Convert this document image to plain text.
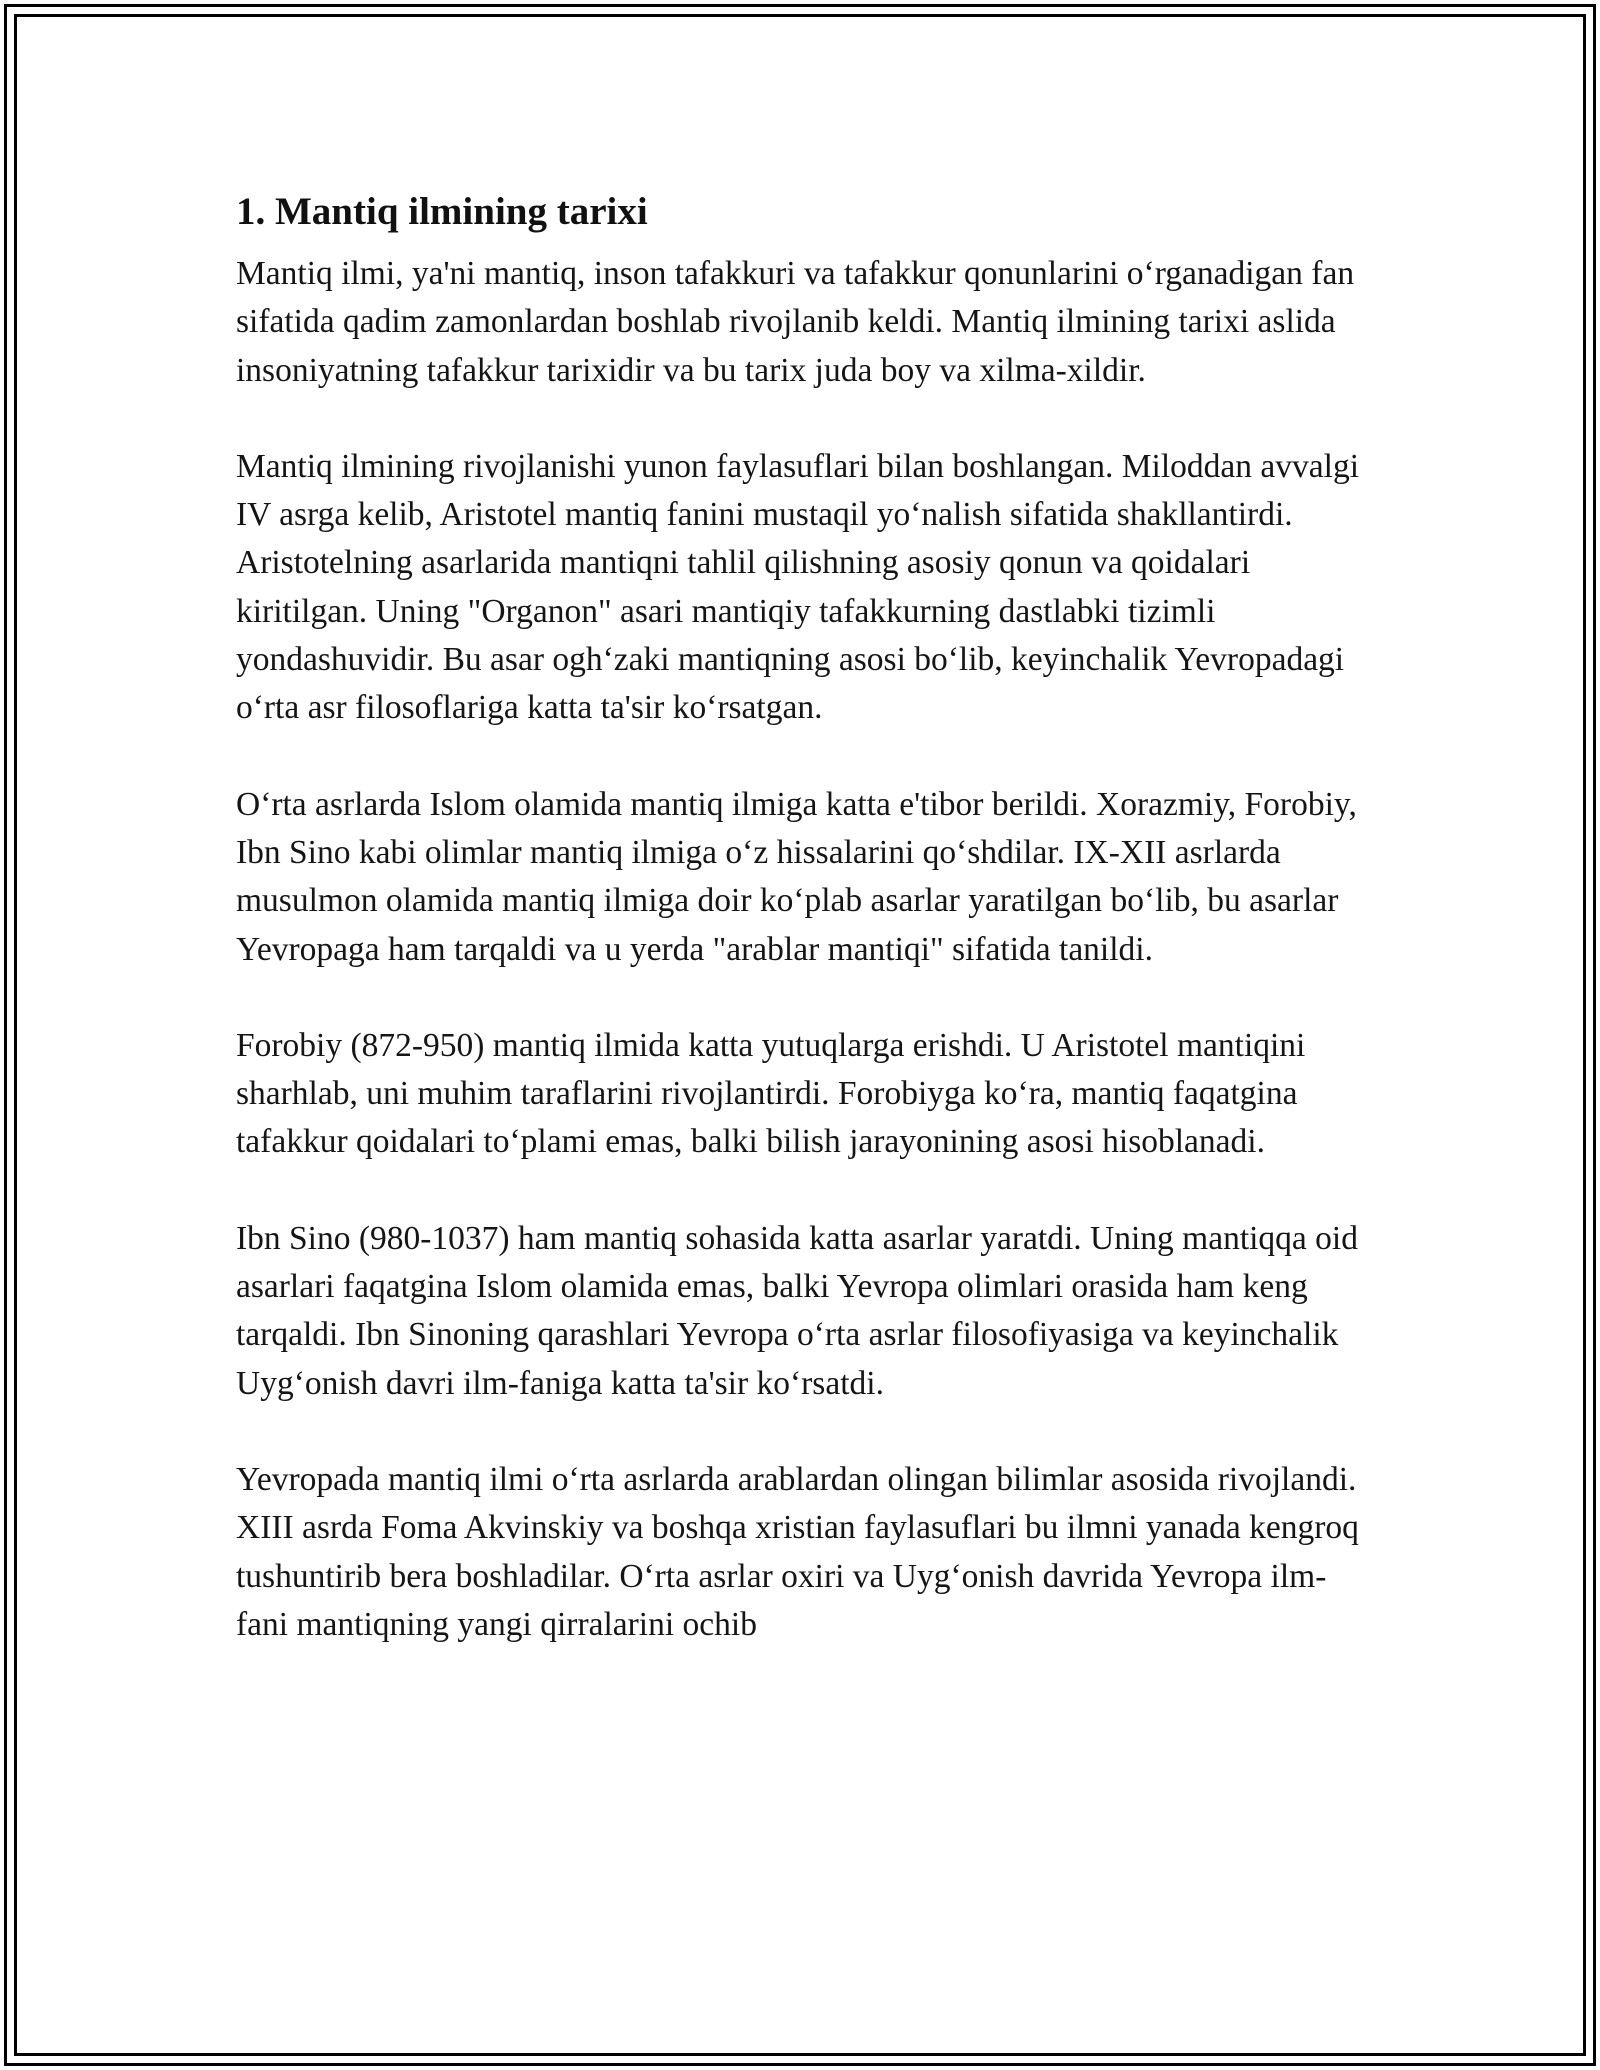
1. Mantiq ilmining tarixi

Mantiq ilmi, ya'ni mantiq, inson tafakkuri va tafakkur qonunlarini o‘rganadigan fan sifatida qadim zamonlardan boshlab rivojlanib keldi. Mantiq ilmining tarixi aslida insoniyatning tafakkur tarixidir va bu tarix juda boy va xilma-xildir.

Mantiq ilmining rivojlanishi yunon faylasuflari bilan boshlangan. Miloddan avvalgi IV asrga kelib, Aristotel mantiq fanini mustaqil yo‘nalish sifatida shakllantirdi. Aristotelning asarlarida mantiqni tahlil qilishning asosiy qonun va qoidalari kiritilgan. Uning "Organon" asari mantiqiy tafakkurning dastlabki tizimli yondashuvidir. Bu asar ogh‘zaki mantiqning asosi bo‘lib, keyinchalik Yevropadagi o‘rta asr filosoflariga katta ta'sir ko‘rsatgan.

O‘rta asrlarda Islom olamida mantiq ilmiga katta e'tibor berildi. Xorazmiy, Forobiy, Ibn Sino kabi olimlar mantiq ilmiga o‘z hissalarini qo‘shdilar. IX-XII asrlarda musulmon olamida mantiq ilmiga doir ko‘plab asarlar yaratilgan bo‘lib, bu asarlar Yevropaga ham tarqaldi va u yerda "arablar mantiqi" sifatida tanildi.

Forobiy (872-950) mantiq ilmida katta yutuqlarga erishdi. U Aristotel mantiqini sharhlab, uni muhim taraflarini rivojlantirdi. Forobiyga ko‘ra, mantiq faqatgina tafakkur qoidalari to‘plami emas, balki bilish jarayonining asosi hisoblanadi.

Ibn Sino (980-1037) ham mantiq sohasida katta asarlar yaratdi. Uning mantiqqa oid asarlari faqatgina Islom olamida emas, balki Yevropa olimlari orasida ham keng tarqaldi. Ibn Sinoning qarashlari Yevropa o‘rta asrlar filosofiyasiga va keyinchalik Uyg‘onish davri ilm-faniga katta ta'sir ko‘rsatdi.

Yevropada mantiq ilmi o‘rta asrlarda arablardan olingan bilimlar asosida rivojlandi. XIII asrda Foma Akvinskiy va boshqa xristian faylasuflari bu ilmni yanada kengroq tushuntirib bera boshladilar. O‘rta asrlar oxiri va Uyg‘onish davrida Yevropa ilm-fani mantiqning yangi qirralarini ochib
